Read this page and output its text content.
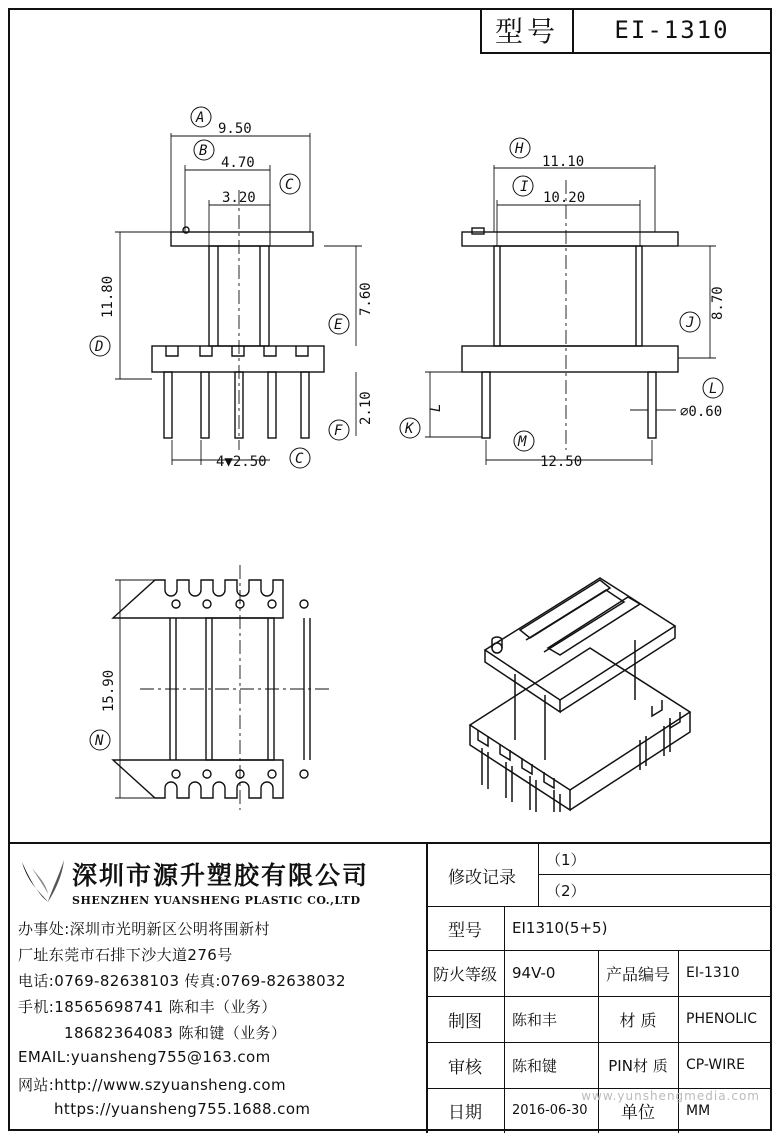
型号	EI-1310
A
9.50
B
4.70
C
3.20
D
11.80
E
7.60
F
2.10
4▼2.50 C
H
11.10
I
10.20
J
8.70
K
L
L
⌀0.60
M
12.50
N
15.90
深圳市源升塑胶有限公司
SHENZHEN YUANSHENG PLASTIC CO.,LTD
办事处:深圳市光明新区公明将围新村
厂址东莞市石排下沙大道276号
电话:0769-82638103 传真:0769-82638032
手机:18565698741 陈和丰（业务）
18682364083 陈和键（业务）
EMAIL:yuansheng755@163.com
网站:http://www.szyuansheng.com
https://yuansheng755.1688.com
修改记录
（1）
（2）
型号	EI1310(5+5)
防火等级	94V-0	产品编号	EI-1310
制图	陈和丰	材 质	PHENOLIC
审核	陈和键	PIN材 质	CP-WIRE
日期	2016-06-30	单位	MM
www.yunshengmedia.com
